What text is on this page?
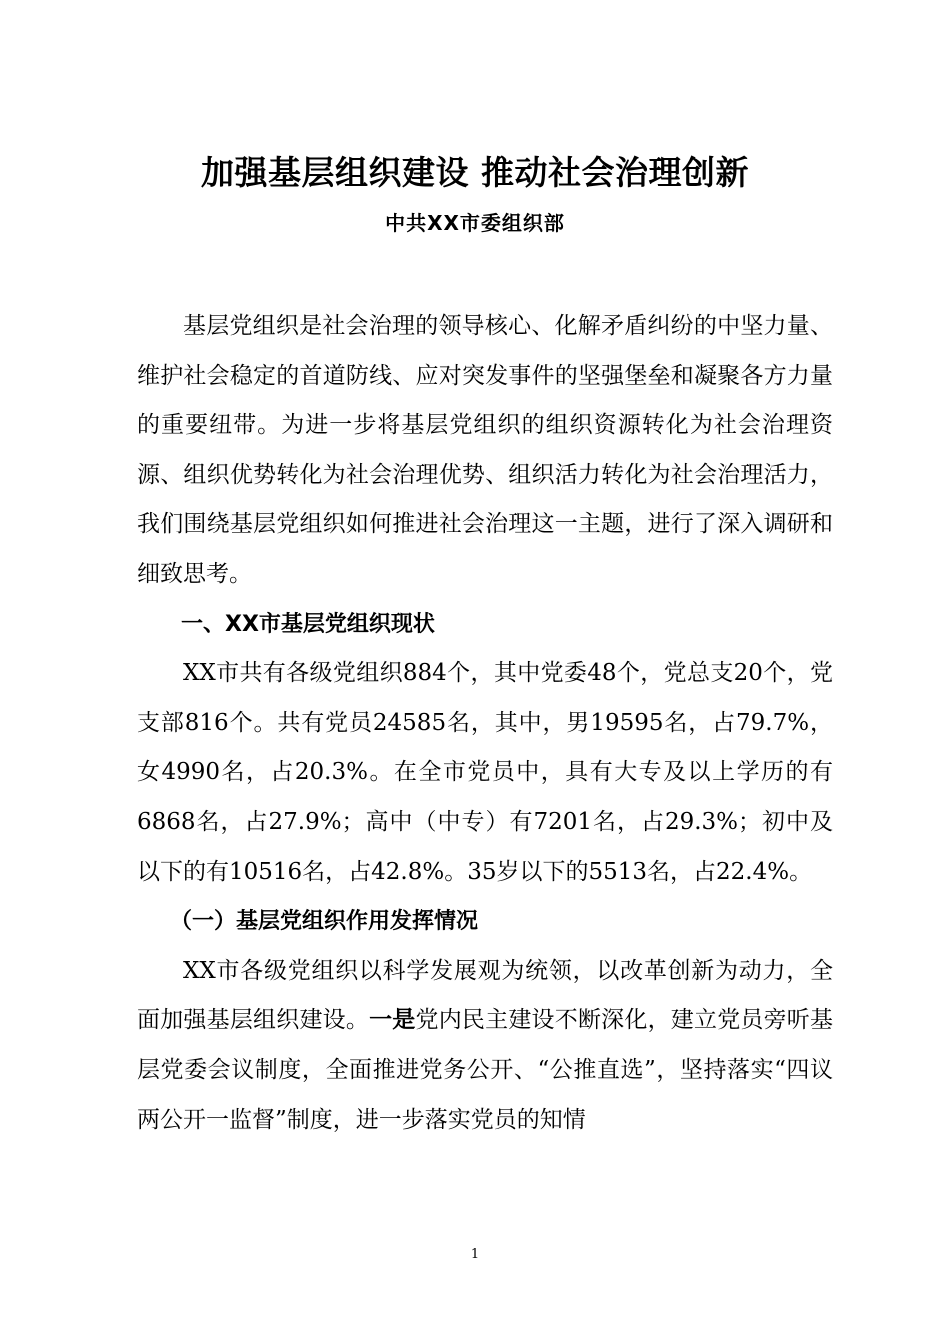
加强基层组织建设 推动社会治理创新
中共XX市委组织部

基层党组织是社会治理的领导核心、化解矛盾纠纷的中坚力量、维护社会稳定的首道防线、应对突发事件的坚强堡垒和凝聚各方力量的重要纽带。为进一步将基层党组织的组织资源转化为社会治理资源、组织优势转化为社会治理优势、组织活力转化为社会治理活力，我们围绕基层党组织如何推进社会治理这一主题，进行了深入调研和细致思考。

一、XX市基层党组织现状

XX市共有各级党组织884个，其中党委48个，党总支20个，党支部816个。共有党员24585名，其中，男19595名，占79.7%，女4990名，占20.3%。在全市党员中，具有大专及以上学历的有6868名，占27.9%；高中（中专）有7201名，占29.3%；初中及以下的有10516名，占42.8%。35岁以下的5513名，占22.4%。

（一）基层党组织作用发挥情况

XX市各级党组织以科学发展观为统领，以改革创新为动力，全面加强基层组织建设。一是党内民主建设不断深化，建立党员旁听基层党委会议制度，全面推进党务公开、“公推直选”，坚持落实“四议两公开一监督”制度，进一步落实党员的知情

1
